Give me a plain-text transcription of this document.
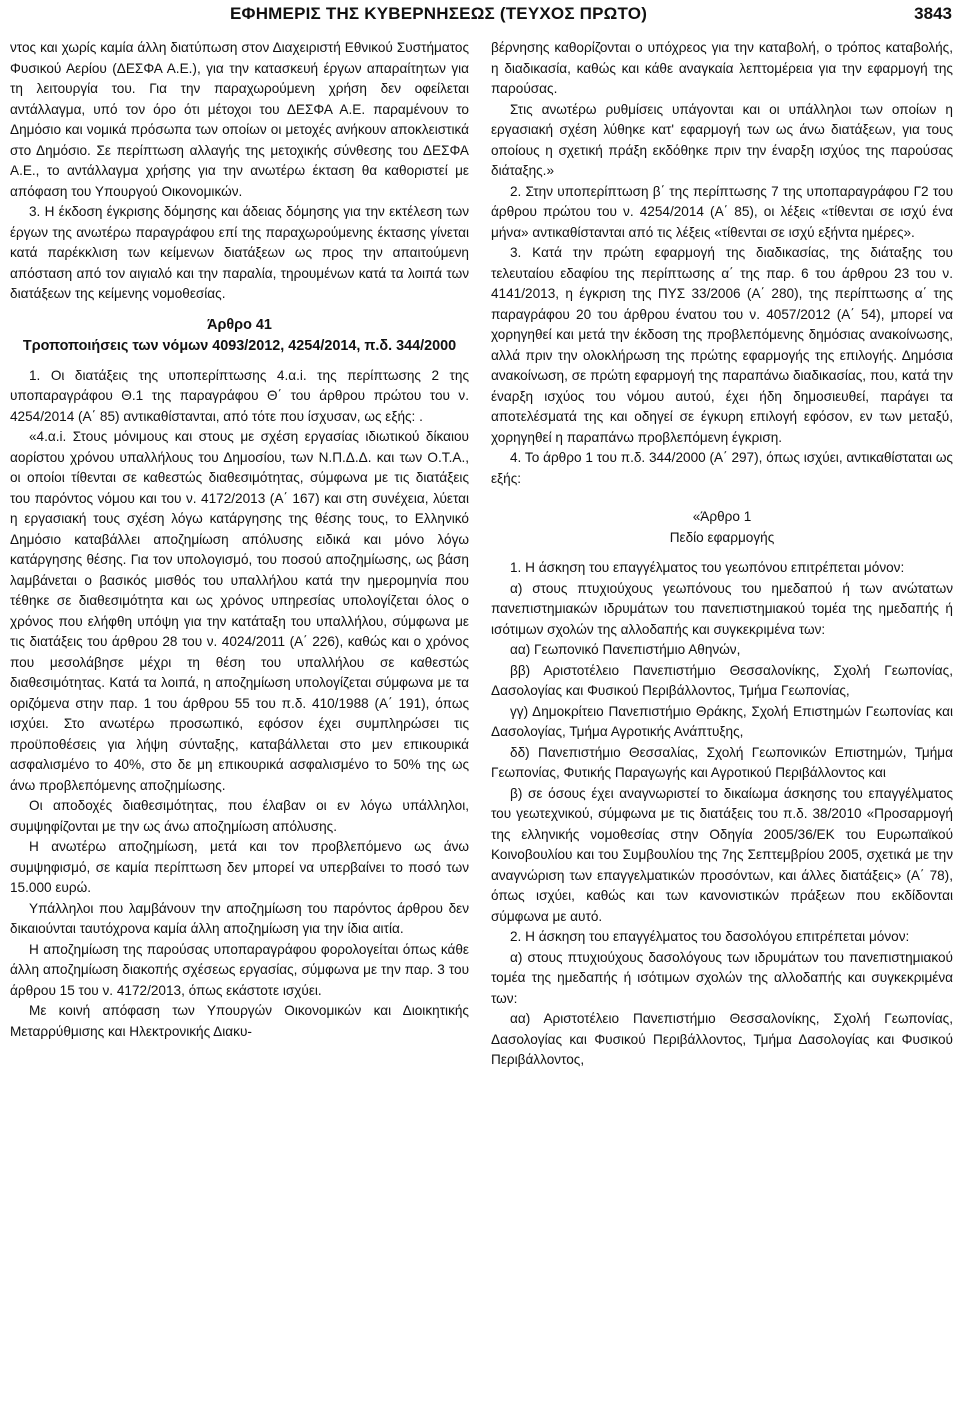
ΕΦΗΜΕΡΙΣ ΤΗΣ ΚΥΒΕΡΝΗΣΕΩΣ (ΤΕΥΧΟΣ ΠΡΩΤΟ)	3843

ντος και χωρίς καμία άλλη διατύπωση στον Διαχειριστή Εθνικού Συστήματος Φυσικού Αερίου (ΔΕΣΦΑ Α.Ε.), για την κατασκευή έργων απαραίτητων για τη λειτουργία του. Για την παραχωρούμενη χρήση δεν οφείλεται αντάλλαγμα, υπό τον όρο ότι μέτοχοι του ΔΕΣΦΑ Α.Ε. παραμένουν το Δημόσιο και νομικά πρόσωπα των οποίων οι μετοχές ανήκουν αποκλειστικά στο Δημόσιο. Σε περίπτωση αλλαγής της μετοχικής σύνθεσης του ΔΕΣΦΑ Α.Ε., το αντάλλαγμα χρήσης για την ανωτέρω έκταση θα καθοριστεί με απόφαση του Υπουργού Οικονομικών.

3. Η έκδοση έγκρισης δόμησης και άδειας δόμησης για την εκτέλεση των έργων της ανωτέρω παραγράφου επί της παραχωρούμενης έκτασης γίνεται κατά παρέκκλιση των κείμενων διατάξεων ως προς την απαιτούμενη απόσταση από τον αιγιαλό και την παραλία, τηρουμένων κατά τα λοιπά των διατάξεων της κείμενης νομοθεσίας.

Άρθρο 41
Τροποποιήσεις των νόμων 4093/2012, 4254/2014, π.δ. 344/2000

1. Οι διατάξεις της υποπερίπτωσης 4.α.i. της περίπτωσης 2 της υποπαραγράφου Θ.1 της παραγράφου Θ΄ του άρθρου πρώτου του ν. 4254/2014 (Α΄ 85) αντικαθίστανται, από τότε που ίσχυσαν, ως εξής: .

«4.α.i. Στους μόνιμους και στους με σχέση εργασίας ιδιωτικού δίκαιου αορίστου χρόνου υπαλλήλους του Δημοσίου, των Ν.Π.Δ.Δ. και των Ο.Τ.Α., οι οποίοι τίθενται σε καθεστώς διαθεσιμότητας, σύμφωνα με τις διατάξεις του παρόντος νόμου και του ν. 4172/2013 (Α΄ 167) και στη συνέχεια, λύεται η εργασιακή τους σχέση λόγω κατάργησης της θέσης τους, το Ελληνικό Δημόσιο καταβάλλει αποζημίωση απόλυσης ειδικά και μόνο λόγω κατάργησης θέσης. Για τον υπολογισμό, του ποσού αποζημίωσης, ως βάση λαμβάνεται ο βασικός μισθός του υπαλλήλου κατά την ημερομηνία που τέθηκε σε διαθεσιμότητα και ως χρόνος υπηρεσίας υπολογίζεται όλος ο χρόνος που ελήφθη υπόψη για την κατάταξη του υπαλλήλου, σύμφωνα με τις διατάξεις του άρθρου 28 του ν. 4024/2011 (Α΄ 226), καθώς και ο χρόνος που μεσολάβησε μέχρι τη θέση του υπαλλήλου σε καθεστώς διαθεσιμότητας. Κατά τα λοιπά, η αποζημίωση υπολογίζεται σύμφωνα με τα οριζόμενα στην παρ. 1 του άρθρου 55 του π.δ. 410/1988 (Α΄ 191), όπως ισχύει. Στο ανωτέρω προσωπικό, εφόσον έχει συμπληρώσει τις προϋποθέσεις για λήψη σύνταξης, καταβάλλεται στο μεν επικουρικά ασφαλισμένο το 40%, στο δε μη επικουρικά ασφαλισμένο το 50% της ως άνω προβλεπόμενης αποζημίωσης.

Οι αποδοχές διαθεσιμότητας, που έλαβαν οι εν λόγω υπάλληλοι, συμψηφίζονται με την ως άνω αποζημίωση απόλυσης.

Η ανωτέρω αποζημίωση, μετά και τον προβλεπόμενο ως άνω συμψηφισμό, σε καμία περίπτωση δεν μπορεί να υπερβαίνει το ποσό των 15.000 ευρώ.

Υπάλληλοι που λαμβάνουν την αποζημίωση του παρόντος άρθρου δεν δικαιούνται ταυτόχρονα καμία άλλη αποζημίωση για την ίδια αιτία.

Η αποζημίωση της παρούσας υποπαραγράφου φορολογείται όπως κάθε άλλη αποζημίωση διακοπής σχέσεως εργασίας, σύμφωνα με την παρ. 3 του άρθρου 15 του ν. 4172/2013, όπως εκάστοτε ισχύει.

Με κοινή απόφαση των Υπουργών Οικονομικών και Διοικητικής Μεταρρύθμισης και Ηλεκτρονικής Διακυ-

βέρνησης καθορίζονται ο υπόχρεος για την καταβολή, ο τρόπος καταβολής, η διαδικασία, καθώς και κάθε αναγκαία λεπτομέρεια για την εφαρμογή της παρούσας.

Στις ανωτέρω ρυθμίσεις υπάγονται και οι υπάλληλοι των οποίων η εργασιακή σχέση λύθηκε κατ' εφαρμογή των ως άνω διατάξεων, για τους οποίους η σχετική πράξη εκδόθηκε πριν την έναρξη ισχύος της παρούσας διάταξης.»

2. Στην υποπερίπτωση β΄ της περίπτωσης 7 της υποπαραγράφου Γ2 του άρθρου πρώτου του ν. 4254/2014 (Α΄ 85), οι λέξεις «τίθενται σε ισχύ ένα μήνα» αντικαθίστανται από τις λέξεις «τίθενται σε ισχύ εξήντα ημέρες».

3. Κατά την πρώτη εφαρμογή της διαδικασίας, της διάταξης του τελευταίου εδαφίου της περίπτωσης α΄ της παρ. 6 του άρθρου 23 του ν. 4141/2013, η έγκριση της ΠΥΣ 33/2006 (Α΄ 280), της περίπτωσης α΄ της παραγράφου 20 του άρθρου ένατου του ν. 4057/2012 (Α΄ 54), μπορεί να χορηγηθεί και μετά την έκδοση της προβλεπόμενης δημόσιας ανακοίνωσης, αλλά πριν την ολοκλήρωση της πρώτης εφαρμογής της επιλογής. Δημόσια ανακοίνωση, σε πρώτη εφαρμογή της παραπάνω διαδικασίας, που, κατά την έναρξη ισχύος του νόμου αυτού, έχει ήδη δημοσιευθεί, παράγει τα αποτελέσματά της και οδηγεί σε έγκυρη επιλογή εφόσον, εν των μεταξύ, χορηγηθεί η παραπάνω προβλεπόμενη έγκριση.

4. Το άρθρο 1 του π.δ. 344/2000 (Α΄ 297), όπως ισχύει, αντικαθίσταται ως εξής:

«Άρθρο 1
Πεδίο εφαρμογής

1. Η άσκηση του επαγγέλματος του γεωπόνου επιτρέπεται μόνον:

α) στους πτυχιούχους γεωπόνους του ημεδαπού ή των ανώτατων πανεπιστημιακών ιδρυμάτων του πανεπιστημιακού τομέα της ημεδαπής ή ισότιμων σχολών της αλλοδαπής και συγκεκριμένα των:

αα) Γεωπονικό Πανεπιστήμιο Αθηνών,

ββ) Αριστοτέλειο Πανεπιστήμιο Θεσσαλονίκης, Σχολή Γεωπονίας, Δασολογίας και Φυσικού Περιβάλλοντος, Τμήμα Γεωπονίας,

γγ) Δημοκρίτειο Πανεπιστήμιο Θράκης, Σχολή Επιστημών Γεωπονίας και Δασολογίας, Τμήμα Αγροτικής Ανάπτυξης,

δδ) Πανεπιστήμιο Θεσσαλίας, Σχολή Γεωπονικών Επιστημών, Τμήμα Γεωπονίας, Φυτικής Παραγωγής και Αγροτικού Περιβάλλοντος και

β) σε όσους έχει αναγνωριστεί το δικαίωμα άσκησης του επαγγέλματος του γεωτεχνικού, σύμφωνα με τις διατάξεις του π.δ. 38/2010 «Προσαρμογή της ελληνικής νομοθεσίας στην Οδηγία 2005/36/ΕΚ του Ευρωπαϊκού Κοινοβουλίου και του Συμβουλίου της 7ης Σεπτεμβρίου 2005, σχετικά με την αναγνώριση των επαγγελματικών προσόντων, και άλλες διατάξεις» (Α΄ 78), όπως ισχύει, καθώς και των κανονιστικών πράξεων που εκδίδονται σύμφωνα με αυτό.

2. Η άσκηση του επαγγέλματος του δασολόγου επιτρέπεται μόνον:

α) στους πτυχιούχους δασολόγους των ιδρυμάτων του πανεπιστημιακού τομέα της ημεδαπής ή ισότιμων σχολών της αλλοδαπής και συγκεκριμένα των:

αα) Αριστοτέλειο Πανεπιστήμιο Θεσσαλονίκης, Σχολή Γεωπονίας, Δασολογίας και Φυσικού Περιβάλλοντος, Τμήμα Δασολογίας και Φυσικού Περιβάλλοντος,
